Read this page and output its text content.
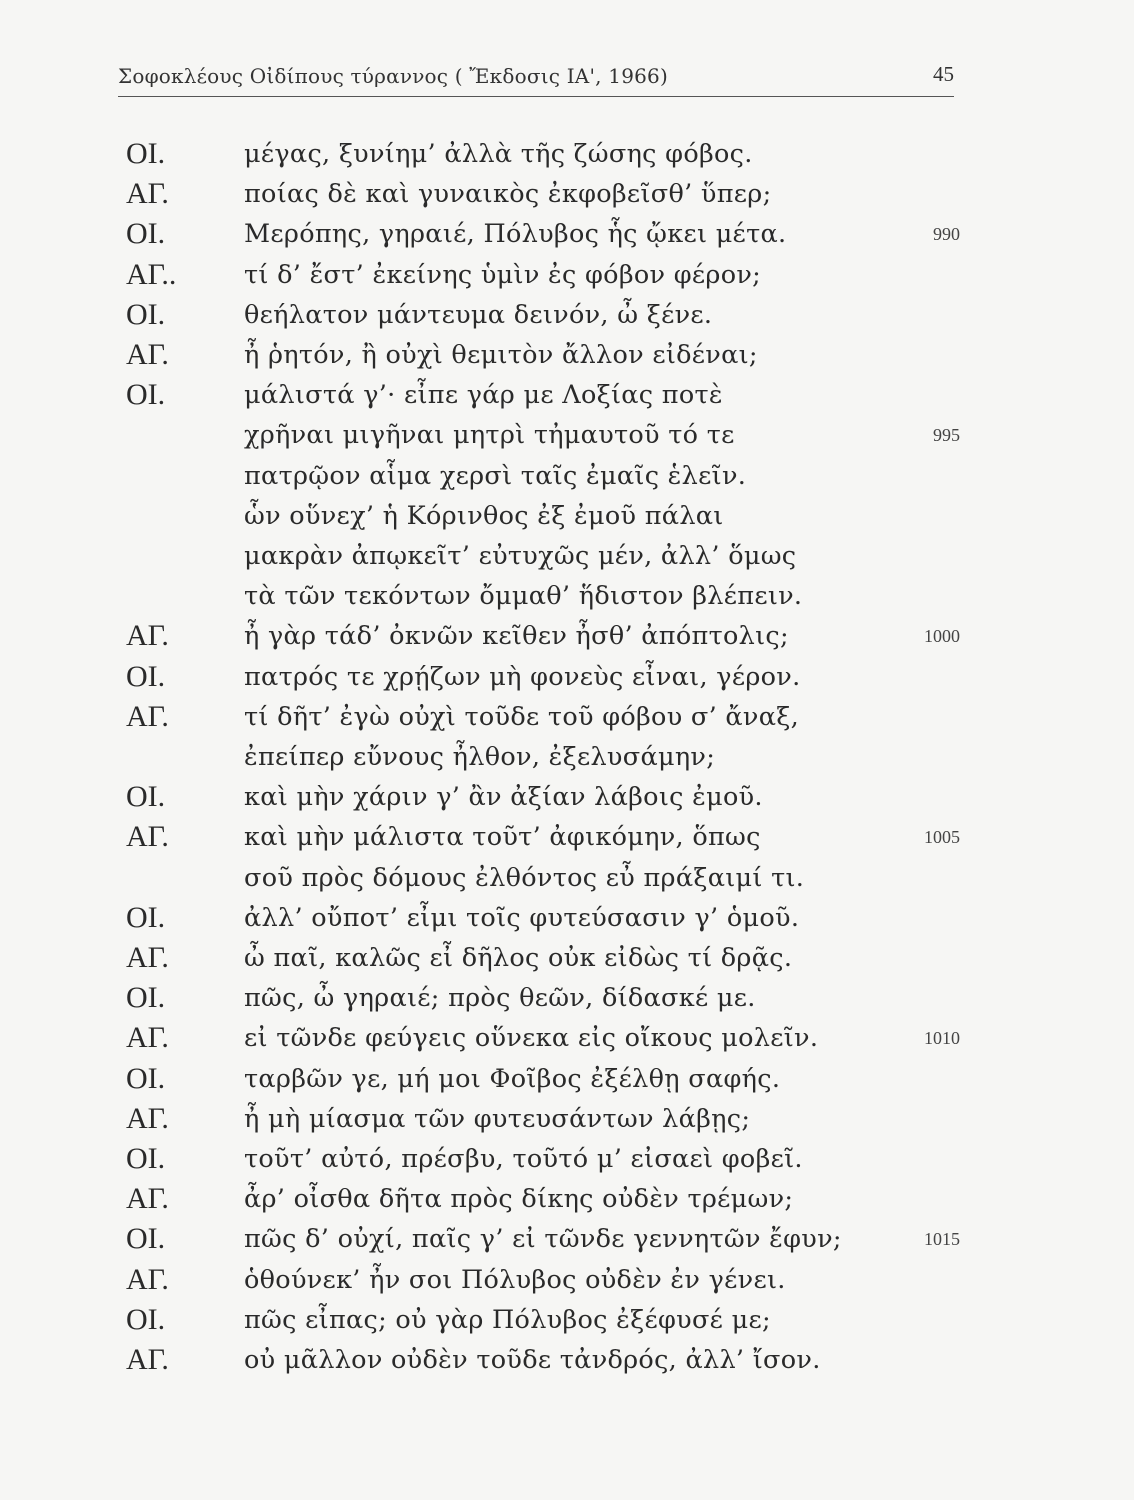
Σοφοκλέους Οἰδίπους τύραννος ( Ἔκδοσις ΙΑ', 1966)	45
ΟΙ.	μέγας, ξυνίημ’ ἀλλὰ τῆς ζώσης φόβος.
ΑΓ.	ποίας δὲ καὶ γυναικὸς ἐκφοβεῖσθ’ ὕπερ;
ΟΙ.	Μερόπης, γηραιέ, Πόλυβος ἧς ᾤκει μέτα.	990
ΑΓ..	τί δ’ ἔστ’ ἐκείνης ὑμὶν ἐς φόβον φέρον;
ΟΙ.	θεήλατον μάντευμα δεινόν, ὦ ξένε.
ΑΓ.	ἦ ῥητόν, ἢ οὐχὶ θεμιτὸν ἄλλον εἰδέναι;
ΟΙ.	μάλιστά γ’· εἶπε γάρ με Λοξίας ποτὲ
χρῆναι μιγῆναι μητρὶ τἠμαυτοῦ τό τε	995
πατρῷον αἷμα χερσὶ ταῖς ἐμαῖς ἑλεῖν.
ὧν οὕνεχ’ ἡ Κόρινθος ἐξ ἐμοῦ πάλαι
μακρὰν ἀπῳκεῖτ’ εὐτυχῶς μέν, ἀλλ’ ὅμως
τὰ τῶν τεκόντων ὄμμαθ’ ἥδιστον βλέπειν.
ΑΓ.	ἦ γὰρ τάδ’ ὀκνῶν κεῖθεν ἦσθ’ ἀπόπτολις;	1000
ΟΙ.	πατρός τε χρῄζων μὴ φονεὺς εἶναι, γέρον.
ΑΓ.	τί δῆτ’ ἐγὼ οὐχὶ τοῦδε τοῦ φόβου σ’ ἄναξ,
ἐπείπερ εὔνους ἦλθον, ἐξελυσάμην;
ΟΙ.	καὶ μὴν χάριν γ’ ἂν ἀξίαν λάβοις ἐμοῦ.
ΑΓ.	καὶ μὴν μάλιστα τοῦτ’ ἀφικόμην, ὅπως	1005
σοῦ πρὸς δόμους ἐλθόντος εὖ πράξαιμί τι.
ΟΙ.	ἀλλ’ οὔποτ’ εἶμι τοῖς φυτεύσασιν γ’ ὁμοῦ.
ΑΓ.	ὦ παῖ, καλῶς εἶ δῆλος οὐκ εἰδὼς τί δρᾷς.
ΟΙ.	πῶς, ὦ γηραιέ; πρὸς θεῶν, δίδασκέ με.
ΑΓ.	εἰ τῶνδε φεύγεις οὕνεκα εἰς οἴκους μολεῖν.	1010
ΟΙ.	ταρβῶν γε, μή μοι Φοῖβος ἐξέλθῃ σαφής.
ΑΓ.	ἦ μὴ μίασμα τῶν φυτευσάντων λάβῃς;
ΟΙ.	τοῦτ’ αὐτό, πρέσβυ, τοῦτό μ’ εἰσαεὶ φοβεῖ.
ΑΓ.	ἆρ’ οἶσθα δῆτα πρὸς δίκης οὐδὲν τρέμων;
ΟΙ.	πῶς δ’ οὐχί, παῖς γ’ εἰ τῶνδε γεννητῶν ἔφυν;	1015
ΑΓ.	ὁθούνεκ’ ἦν σοι Πόλυβος οὐδὲν ἐν γένει.
ΟΙ.	πῶς εἶπας; οὐ γὰρ Πόλυβος ἐξέφυσέ με;
ΑΓ.	οὐ μᾶλλον οὐδὲν τοῦδε τἀνδρός, ἀλλ’ ἴσον.
